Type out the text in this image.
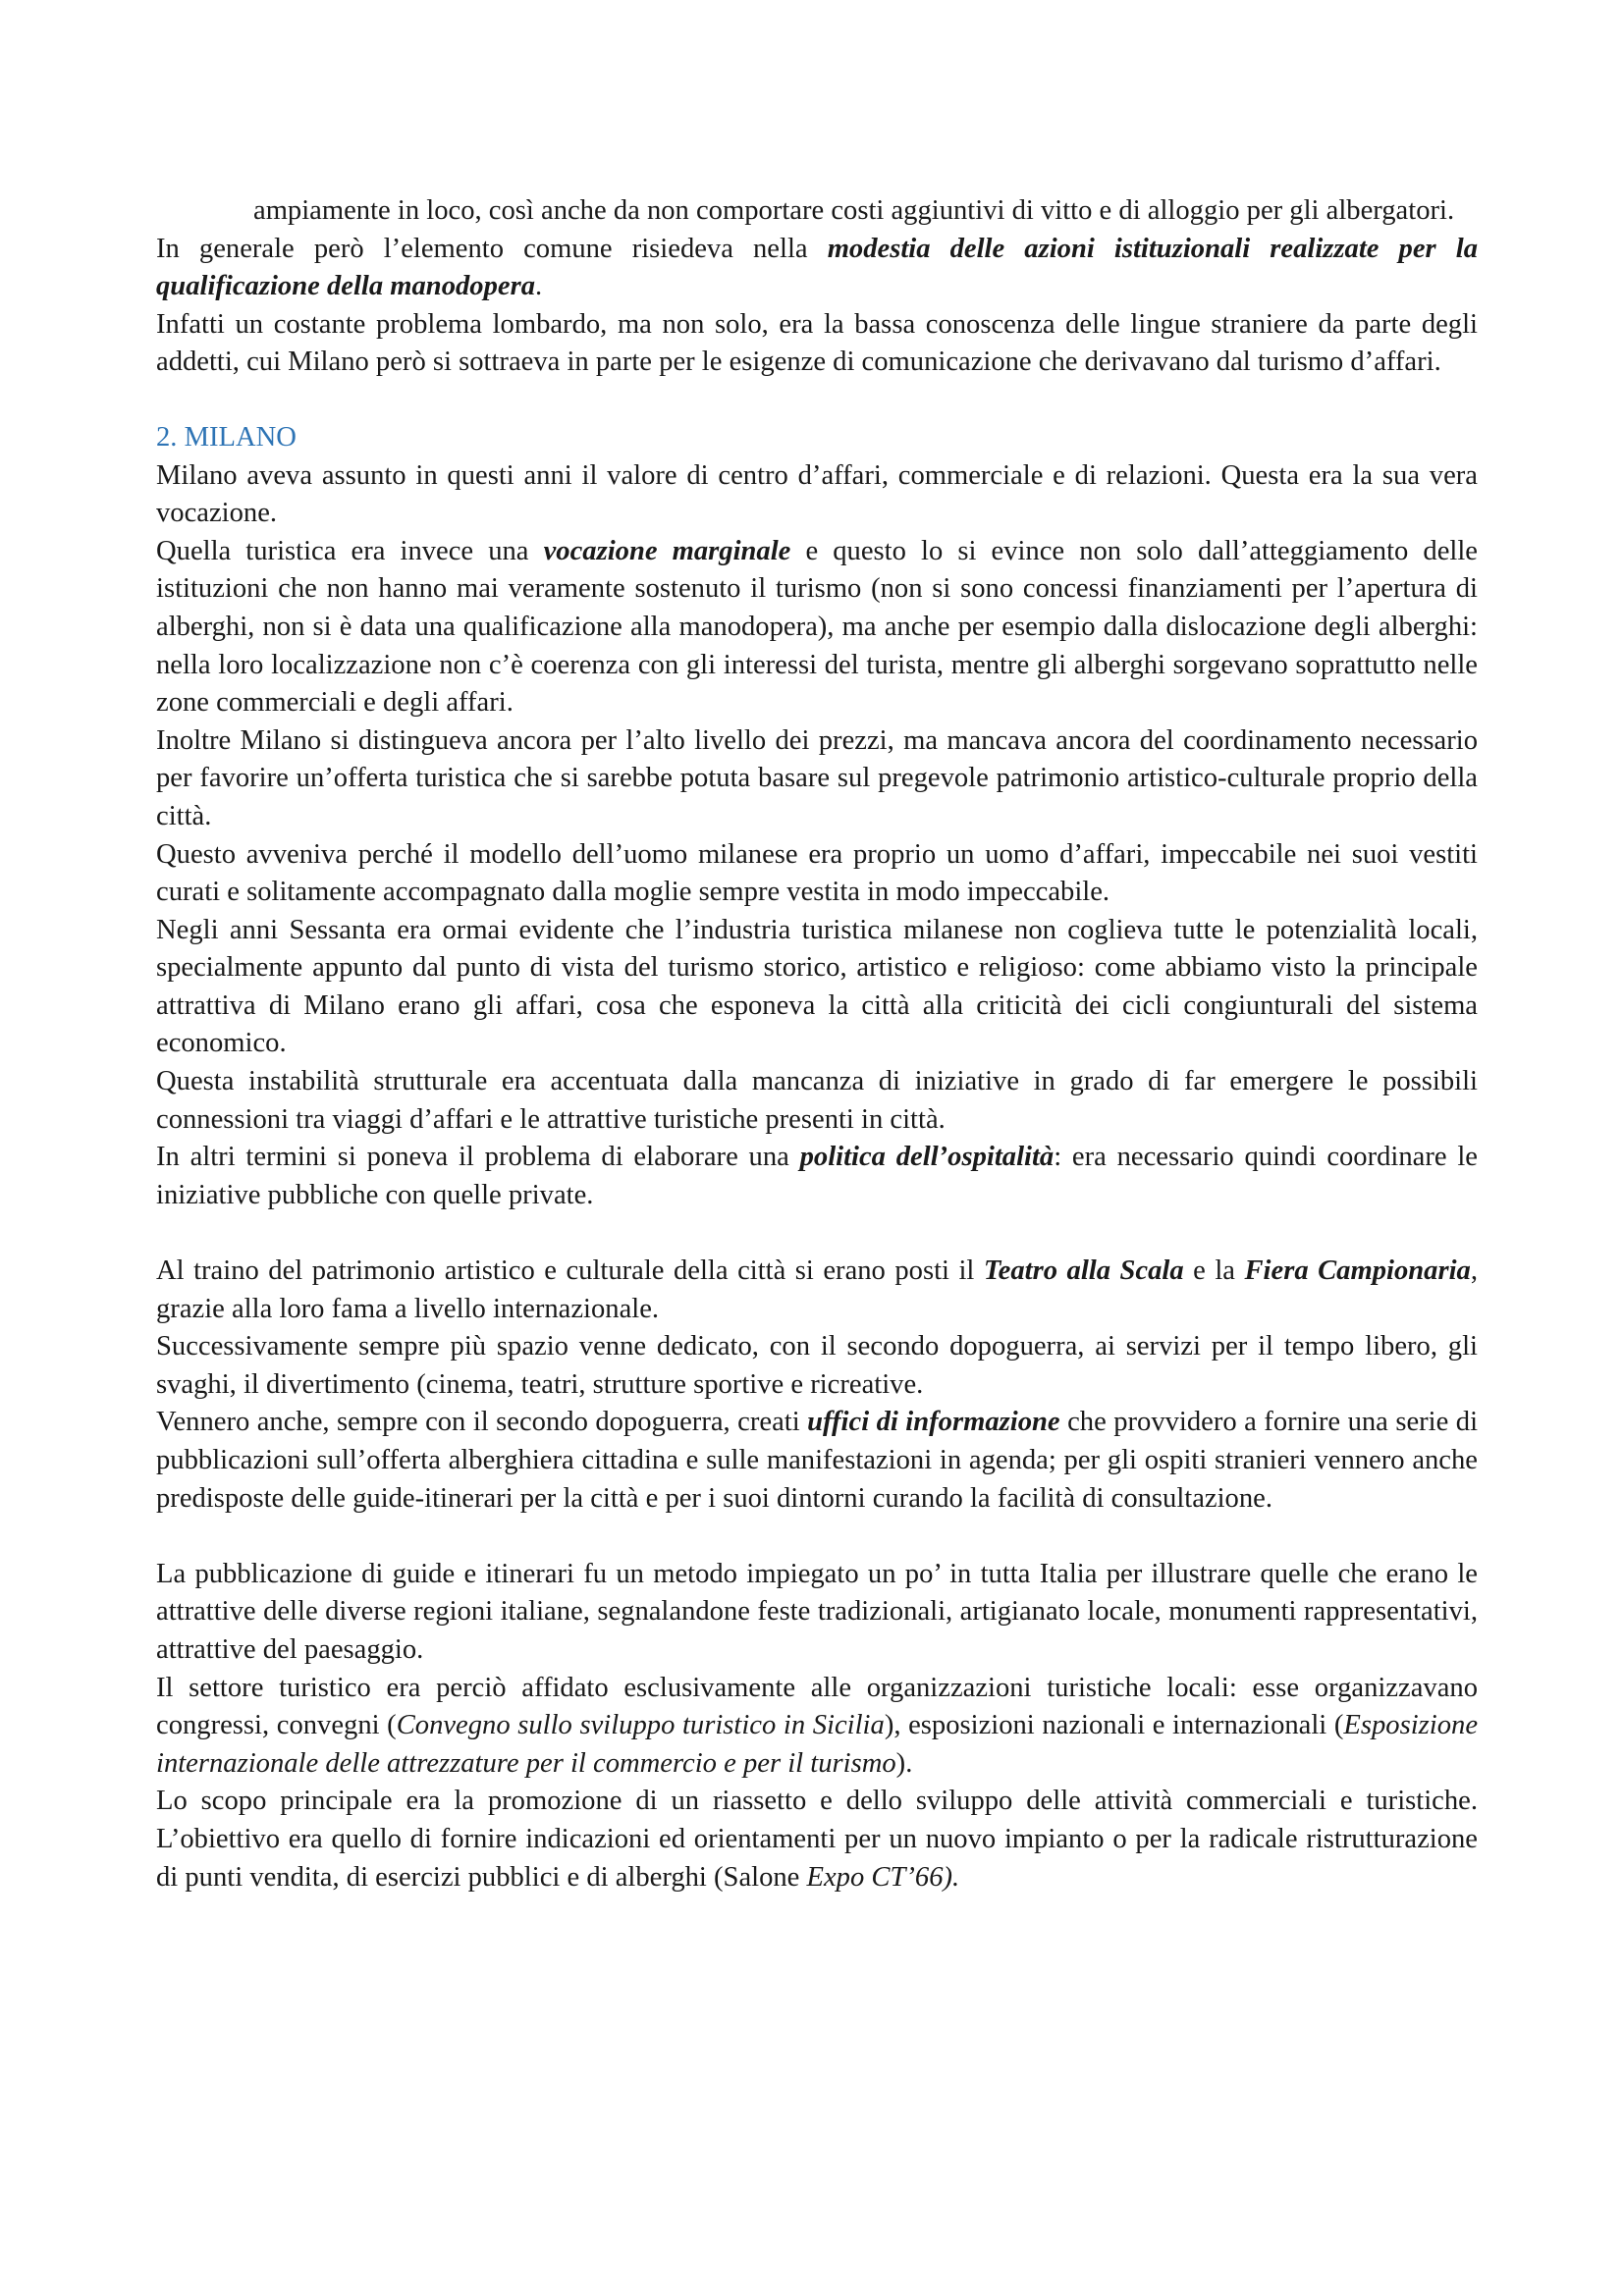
ampiamente in loco, così anche da non comportare costi aggiuntivi di vitto e di alloggio per gli albergatori.

In generale però l’elemento comune risiedeva nella modestia delle azioni istituzionali realizzate per la qualificazione della manodopera.

Infatti un costante problema lombardo, ma non solo, era la bassa conoscenza delle lingue straniere da parte degli addetti, cui Milano però si sottraeva in parte per le esigenze di comunicazione che derivavano dal turismo d’affari.

2. MILANO

Milano aveva assunto in questi anni il valore di centro d’affari, commerciale e di relazioni. Questa era la sua vera vocazione.

Quella turistica era invece una vocazione marginale e questo lo si evince non solo dall’atteggiamento delle istituzioni che non hanno mai veramente sostenuto il turismo (non si sono concessi finanziamenti per l’apertura di alberghi, non si è data una qualificazione alla manodopera), ma anche per esempio dalla dislocazione degli alberghi: nella loro localizzazione non c’è coerenza con gli interessi del turista, mentre gli alberghi sorgevano soprattutto nelle zone commerciali e degli affari.

Inoltre Milano si distingueva ancora per l’alto livello dei prezzi, ma mancava ancora del coordinamento necessario per favorire un’offerta turistica che si sarebbe potuta basare sul pregevole patrimonio artistico-culturale proprio della città.

Questo avveniva perché il modello dell’uomo milanese era proprio un uomo d’affari, impeccabile nei suoi vestiti curati e solitamente accompagnato dalla moglie sempre vestita in modo impeccabile.

Negli anni Sessanta era ormai evidente che l’industria turistica milanese non coglieva tutte le potenzialità locali, specialmente appunto dal punto di vista del turismo storico, artistico e religioso: come abbiamo visto la principale attrattiva di Milano erano gli affari, cosa che esponeva la città alla criticità dei cicli congiunturali del sistema economico.

Questa instabilità strutturale era accentuata dalla mancanza di iniziative in grado di far emergere le possibili connessioni tra viaggi d’affari e le attrattive turistiche presenti in città.

In altri termini si poneva il problema di elaborare una politica dell’ospitalità: era necessario quindi coordinare le iniziative pubbliche con quelle private.

Al traino del patrimonio artistico e culturale della città si erano posti il Teatro alla Scala e la Fiera Campionaria, grazie alla loro fama a livello internazionale.

Successivamente sempre più spazio venne dedicato, con il secondo dopoguerra, ai servizi per il tempo libero, gli svaghi, il divertimento (cinema, teatri, strutture sportive e ricreative.

Vennero anche, sempre con il secondo dopoguerra, creati uffici di informazione che provvidero a fornire una serie di pubblicazioni sull’offerta alberghiera cittadina e sulle manifestazioni in agenda; per gli ospiti stranieri vennero anche predisposte delle guide-itinerari per la città e per i suoi dintorni curando la facilità di consultazione.

La pubblicazione di guide e itinerari fu un metodo impiegato un po’ in tutta Italia per illustrare quelle che erano le attrattive delle diverse regioni italiane, segnalandone feste tradizionali, artigianato locale, monumenti rappresentativi, attrattive del paesaggio.

Il settore turistico era perciò affidato esclusivamente alle organizzazioni turistiche locali: esse organizzavano congressi, convegni (Convegno sullo sviluppo turistico in Sicilia), esposizioni nazionali e internazionali (Esposizione internazionale delle attrezzature per il commercio e per il turismo).

Lo scopo principale era la promozione di un riassetto e dello sviluppo delle attività commerciali e turistiche. L’obiettivo era quello di fornire indicazioni ed orientamenti per un nuovo impianto o per la radicale ristrutturazione di punti vendita, di esercizi pubblici e di alberghi (Salone Expo CT’66).
